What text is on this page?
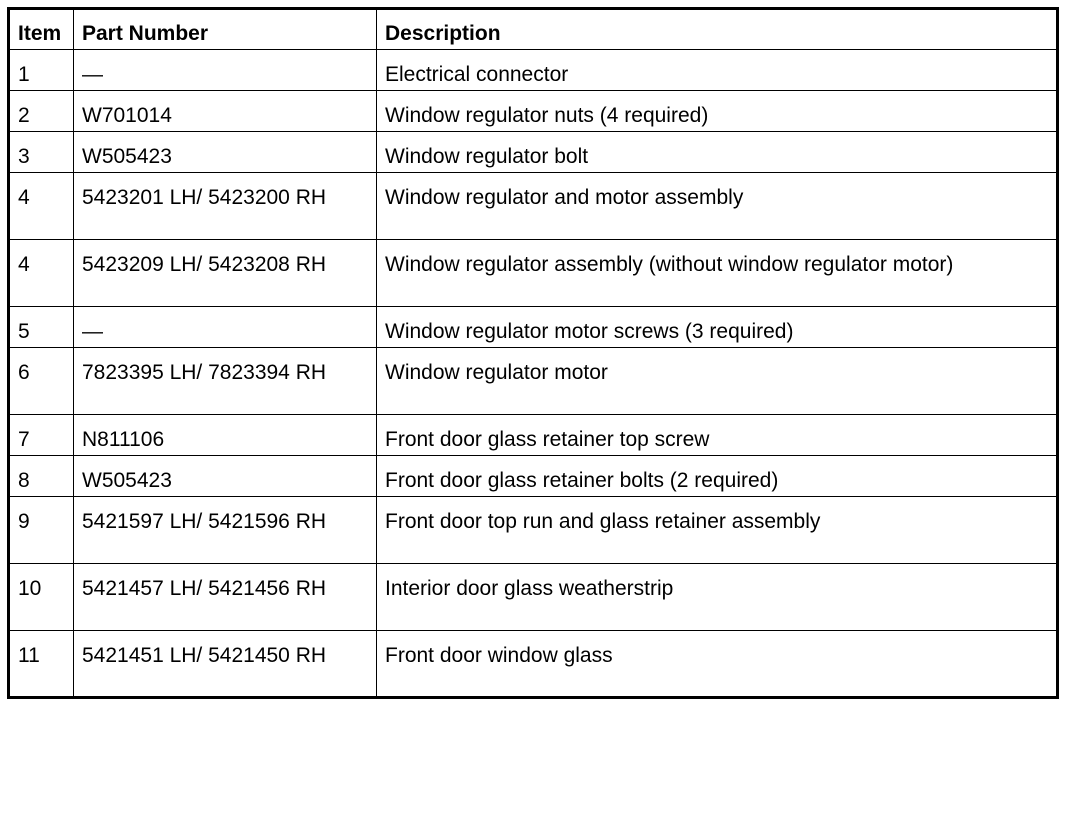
Item	Part Number	Description
1	—	Electrical connector
2	W701014	Window regulator nuts (4 required)
3	W505423	Window regulator bolt
4	5423201 LH/ 5423200 RH	Window regulator and motor assembly
4	5423209 LH/ 5423208 RH	Window regulator assembly (without window regulator motor)
5	—	Window regulator motor screws (3 required)
6	7823395 LH/ 7823394 RH	Window regulator motor
7	N811106	Front door glass retainer top screw
8	W505423	Front door glass retainer bolts (2 required)
9	5421597 LH/ 5421596 RH	Front door top run and glass retainer assembly
10	5421457 LH/ 5421456 RH	Interior door glass weatherstrip
11	5421451 LH/ 5421450 RH	Front door window glass
